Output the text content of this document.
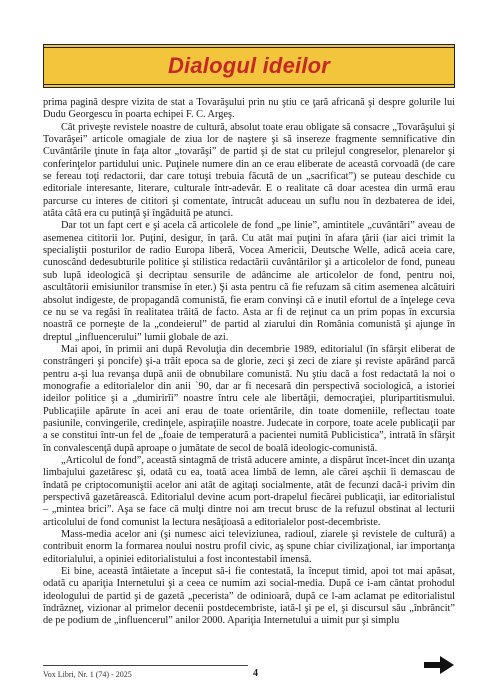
Dialogul ideilor

prima pagină despre vizita de stat a Tovarăşului prin nu ştiu ce ţară africană şi despre golurile lui Dudu Georgescu în poarta echipei F. C. Argeş.

Cât priveşte revistele noastre de cultură, absolut toate erau obligate să consacre „Tovarăşului şi Tovarăşei” articole omagiale de ziua lor de naştere şi să insereze fragmente semnificative din Cuvântările ţinute în faţa altor „tovarăşi” de partid şi de stat cu prilejul congreselor, plenarelor şi conferinţelor partidului unic. Puţinele numere din an ce erau eliberate de această corvoadă (de care se fereau toţi redactorii, dar care totuşi trebuia făcută de un „sacrificat”) se puteau deschide cu editoriale interesante, literare, culturale într-adevăr. E o realitate că doar acestea din urmă erau parcurse cu interes de cititori şi comentate, întrucât aduceau un suflu nou în dezbaterea de idei, atâta câtă era cu putinţă şi îngăduită pe atunci.

Dar tot un fapt cert e şi acela că articolele de fond „pe linie”, amintitele „cuvântări” aveau de asemenea cititorii lor. Puţini, desigur, în ţară. Cu atât mai puţini în afara ţării (iar aici trimit la specialiştii posturilor de radio Europa liberă, Vocea Americii, Deutsche Welle, adică aceia care, cunoscând dedesubturile politice şi stilistica redactării cuvântărilor şi a articolelor de fond, puneau sub lupă ideologică şi decriptau sensurile de adâncime ale articolelor de fond, pentru noi, ascultătorii emisiunilor transmise în eter.) Şi asta pentru că fie refuzam să citim asemenea alcătuiri absolut indigeste, de propagandă comunistă, fie eram convinşi că e inutil efortul de a înţelege ceva ce nu se va regăsi în realitatea trăită de facto. Asta ar fi de reţinut ca un prim popas în excursia noastră ce porneşte de la „condeierul” de partid al ziarului din România comunistă şi ajunge în dreptul „influencerului” lumii globale de azi.

Mai apoi, în primii ani după Revoluţia din decembrie 1989, editorialul (în sfârşit eliberat de constrângeri şi poncife) şi-a trăit epoca sa de glorie, zeci şi zeci de ziare şi reviste apărând parcă pentru a-şi lua revanşa după anii de obnubilare comunistă. Nu ştiu dacă a fost redactată la noi o monografie a editorialelor din anii `90, dar ar fi necesară din perspectivă sociologică, a istoriei ideilor politice şi a „dumirirĭi” noastre întru cele ale libertăţii, democraţiei, pluripartitismului. Publicaţiile apărute în acei ani erau de toate orientările, din toate domeniile, reflectau toate pasiunile, convingerile, credinţele, aspiraţiile noastre. Judecate in corpore, toate acele publicaţii par a se constitui într-un fel de „foaie de temperatură a pacientei numită Publicistica”, intrată în sfârşit în convalescenţă după aproape o jumătate de secol de boală ideologic-comunistă.

„Articolul de fond”, această sintagmă de tristă aducere aminte, a dispărut încet-încet din uzanţa limbajului gazetăresc şi, odată cu ea, toată acea limbă de lemn, ale cărei aşchii îi demascau de îndată pe criptocomuniştii acelor ani atât de agitaţi socialmente, atât de fecunzi dacă-i privim din perspectivă gazetărească. Editorialul devine acum port-drapelul fiecărei publicaţii, iar editorialistul – „mintea brici”. Aşa se face că mulţi dintre noi am trecut brusc de la refuzul obstinat al lecturii articolului de fond comunist la lectura nesăţioasă a editorialelor post-decembriste.

Mass-media acelor ani (şi numesc aici televiziunea, radioul, ziarele şi revistele de cultură) a contribuit enorm la formarea noului nostru profil civic, aş spune chiar civilizaţional, iar importanţa editorialului, a opiniei editorialistului a fost incontestabil imensă.

Ei bine, această întâietate a început să-i fie contestată, la început timid, apoi tot mai apăsat, odată cu apariţia Internetului şi a ceea ce numim azi social-media. După ce i-am cântat prohodul ideologului de partid şi de gazetă „pecerista” de odinioară, după ce l-am aclamat pe editorialistul îndrăzneţ, vizionar al primelor decenii postdecembriste, iată-l şi pe el, şi discursul său „înbrăncit” de pe podium de „influencerul” anilor 2000. Apariţia Internetului a uimit pur şi simplu

Vox Libri, Nr. 1 (74) - 2025	4
